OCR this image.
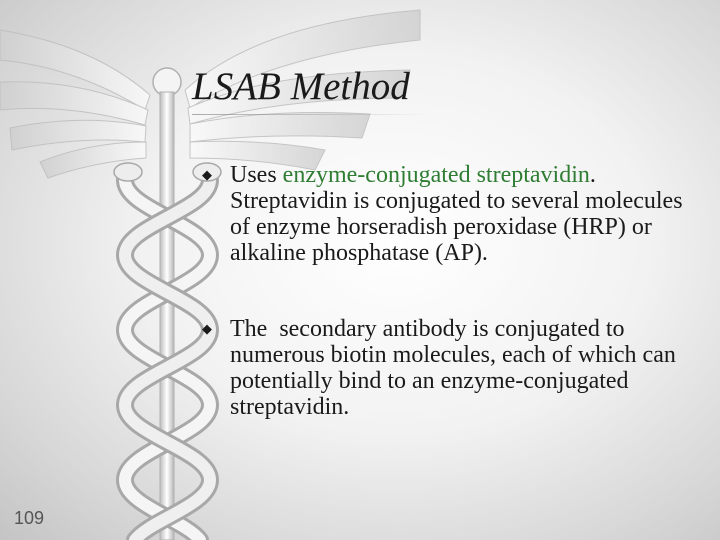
LSAB Method
◆ Uses enzyme-conjugated streptavidin. Streptavidin is conjugated to several molecules of enzyme horseradish peroxidase (HRP) or alkaline phosphatase (AP).
◆ The  secondary antibody is conjugated to numerous biotin molecules, each of which can potentially bind to an enzyme-conjugated streptavidin.
109
